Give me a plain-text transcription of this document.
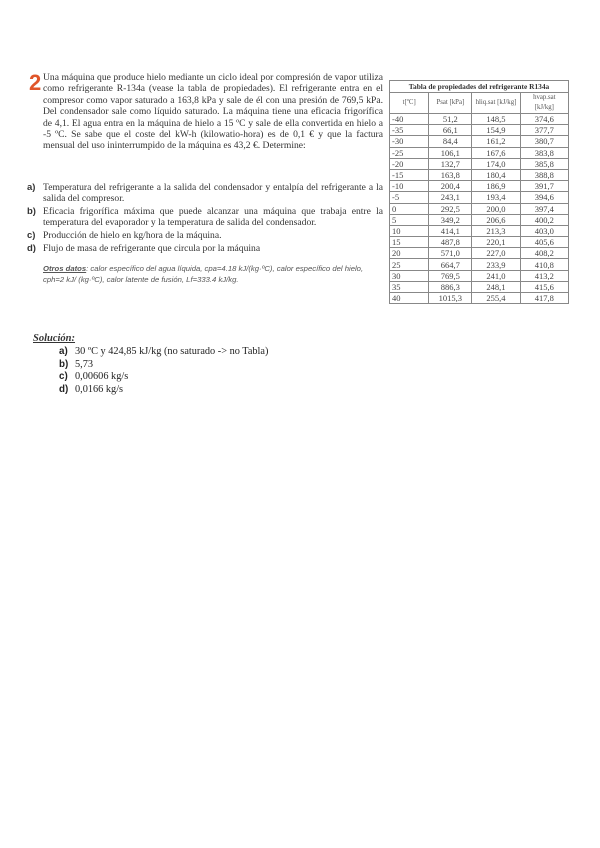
2 Una máquina que produce hielo mediante un ciclo ideal por compresión de vapor utiliza como refrigerante R-134a (vease la tabla de propiedades). El refrigerante entra en el compresor como vapor saturado a 163,8 kPa y sale de él con una presión de 769,5 kPa. Del condensador sale como líquido saturado. La máquina tiene una eficacia frigorífica de 4,1. El agua entra en la máquina de hielo a 15 ºC y sale de ella convertida en hielo a -5 ºC. Se sabe que el coste del kW-h (kilowatio-hora) es de 0,1 € y que la factura mensual del uso ininterrumpido de la máquina es 43,2 €. Determine:

a) Temperatura del refrigerante a la salida del condensador y entalpía del refrigerante a la salida del compresor.
b) Eficacia frigorífica máxima que puede alcanzar una máquina que trabaja entre la temperatura del evaporador y la temperatura de salida del condensador.
c) Producción de hielo en kg/hora de la máquina.
d) Flujo de masa de refrigerante que circula por la máquina
Otros datos: calor específico del agua líquida, cpa=4.18 kJ/(kg·ºC), calor específico del hielo, cph=2 kJ/ (kg·ºC), calor latente de fusión, Lf=333.4 kJ/kg.
Tabla de propiedades del refrigerante R134a
t[ºC]	Psat [kPa]	hliq.sat [kJ/kg]	hvap.sat [kJ/kg]
-40	51,2	148,5	374,6
-35	66,1	154,9	377,7
-30	84,4	161,2	380,7
-25	106,1	167,6	383,8
-20	132,7	174,0	385,8
-15	163,8	180,4	388,8
-10	200,4	186,9	391,7
-5	243,1	193,4	394,6
0	292,5	200,0	397,4
5	349,2	206,6	400,2
10	414,1	213,3	403,0
15	487,8	220,1	405,6
20	571,0	227,0	408,2
25	664,7	233,9	410,8
30	769,5	241,0	413,2
35	886,3	248,1	415,6
40	1015,3	255,4	417,8
Solución:
a) 30 ºC y 424,85 kJ/kg (no saturado -> no Tabla)
b) 5,73
c) 0,00606 kg/s
d) 0,0166 kg/s
